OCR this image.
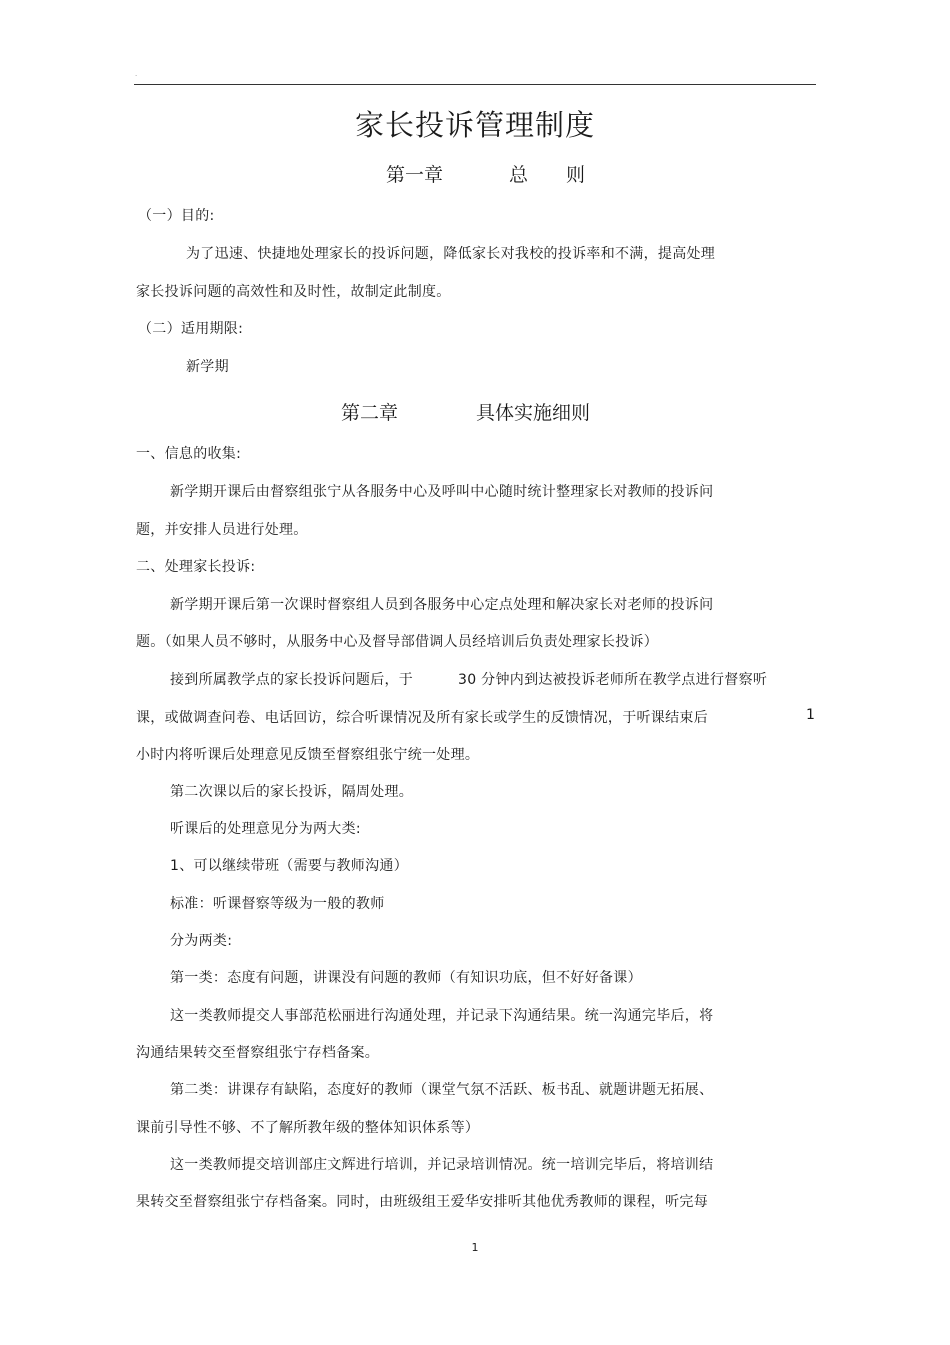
.
家长投诉管理制度
第一章	总　　则
（一）目的:
为了迅速、快捷地处理家长的投诉问题，降低家长对我校的投诉率和不满，提高处理
家长投诉问题的高效性和及时性，故制定此制度。
（二）适用期限:
新学期
第二章	具体实施细则
一、信息的收集:
新学期开课后由督察组张宁从各服务中心及呼叫中心随时统计整理家长对教师的投诉问
题，并安排人员进行处理。
二、处理家长投诉:
新学期开课后第一次课时督察组人员到各服务中心定点处理和解决家长对老师的投诉问
题。（如果人员不够时，从服务中心及督导部借调人员经培训后负责处理家长投诉）
接到所属教学点的家长投诉问题后，于	30 分钟内到达被投诉老师所在教学点进行督察听
课，或做调查问卷、电话回访，综合听课情况及所有家长或学生的反馈情况，于听课结束后	1
小时内将听课后处理意见反馈至督察组张宁统一处理。
第二次课以后的家长投诉，隔周处理。
听课后的处理意见分为两大类:
1、可以继续带班（需要与教师沟通）
标准：听课督察等级为一般的教师
分为两类:
第一类：态度有问题，讲课没有问题的教师（有知识功底，但不好好备课）
这一类教师提交人事部范松丽进行沟通处理，并记录下沟通结果。统一沟通完毕后，将
沟通结果转交至督察组张宁存档备案。
第二类：讲课存有缺陷，态度好的教师（课堂气氛不活跃、板书乱、就题讲题无拓展、
课前引导性不够、不了解所教年级的整体知识体系等）
这一类教师提交培训部庄文辉进行培训，并记录培训情况。统一培训完毕后，将培训结
果转交至督察组张宁存档备案。同时，由班级组王爱华安排听其他优秀教师的课程，听完每
1
